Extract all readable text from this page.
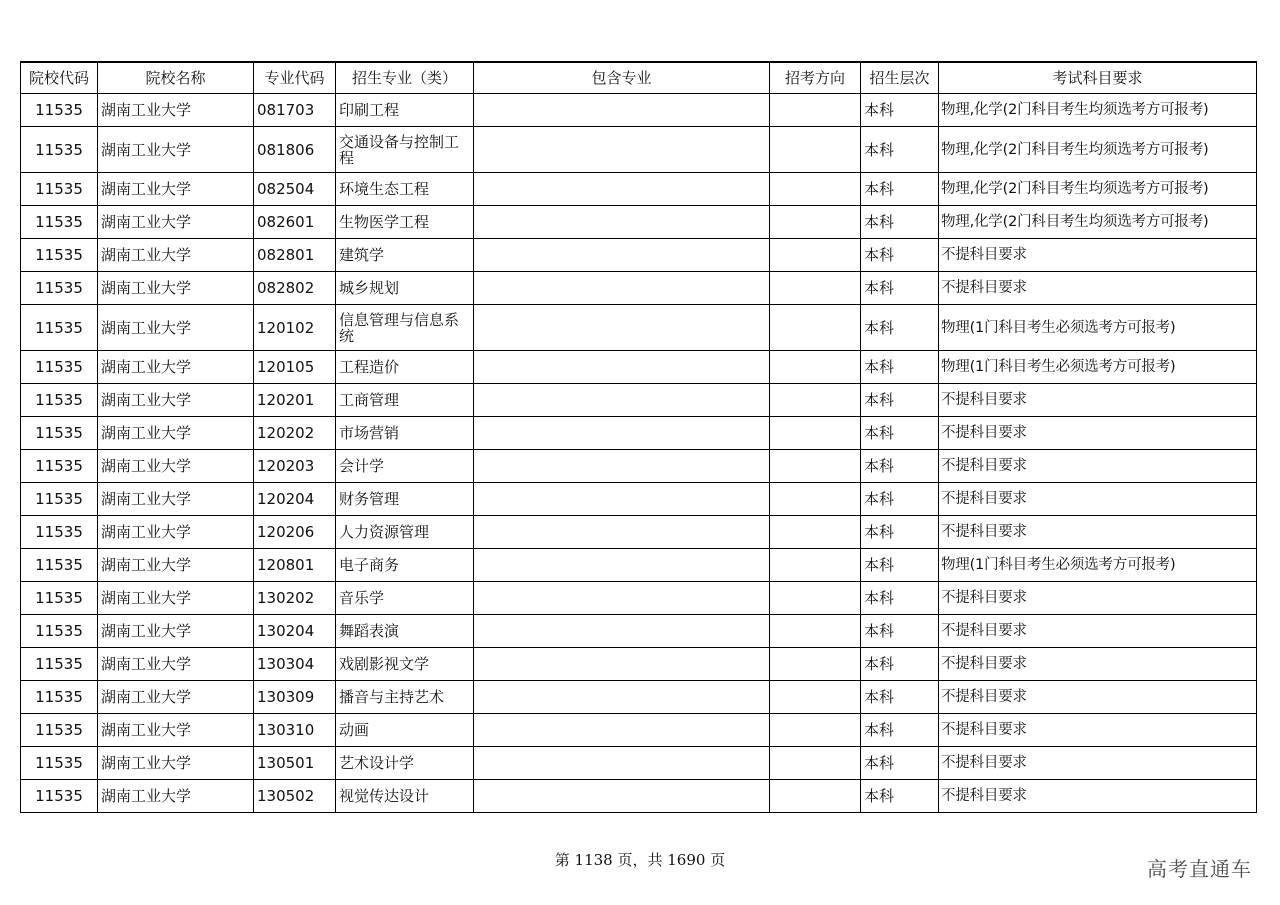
院校代码	院校名称	专业代码	招生专业（类）	包含专业	招考方向	招生层次	考试科目要求
11535	湖南工业大学	081703	印刷工程			本科	物理,化学(2门科目考生均须选考方可报考)
11535	湖南工业大学	081806	交通设备与控制工程			本科	物理,化学(2门科目考生均须选考方可报考)
11535	湖南工业大学	082504	环境生态工程			本科	物理,化学(2门科目考生均须选考方可报考)
11535	湖南工业大学	082601	生物医学工程			本科	物理,化学(2门科目考生均须选考方可报考)
11535	湖南工业大学	082801	建筑学			本科	不提科目要求
11535	湖南工业大学	082802	城乡规划			本科	不提科目要求
11535	湖南工业大学	120102	信息管理与信息系统			本科	物理(1门科目考生必须选考方可报考)
11535	湖南工业大学	120105	工程造价			本科	物理(1门科目考生必须选考方可报考)
11535	湖南工业大学	120201	工商管理			本科	不提科目要求
11535	湖南工业大学	120202	市场营销			本科	不提科目要求
11535	湖南工业大学	120203	会计学			本科	不提科目要求
11535	湖南工业大学	120204	财务管理			本科	不提科目要求
11535	湖南工业大学	120206	人力资源管理			本科	不提科目要求
11535	湖南工业大学	120801	电子商务			本科	物理(1门科目考生必须选考方可报考)
11535	湖南工业大学	130202	音乐学			本科	不提科目要求
11535	湖南工业大学	130204	舞蹈表演			本科	不提科目要求
11535	湖南工业大学	130304	戏剧影视文学			本科	不提科目要求
11535	湖南工业大学	130309	播音与主持艺术			本科	不提科目要求
11535	湖南工业大学	130310	动画			本科	不提科目要求
11535	湖南工业大学	130501	艺术设计学			本科	不提科目要求
11535	湖南工业大学	130502	视觉传达设计			本科	不提科目要求
第 1138 页，共 1690 页	高考直通车
